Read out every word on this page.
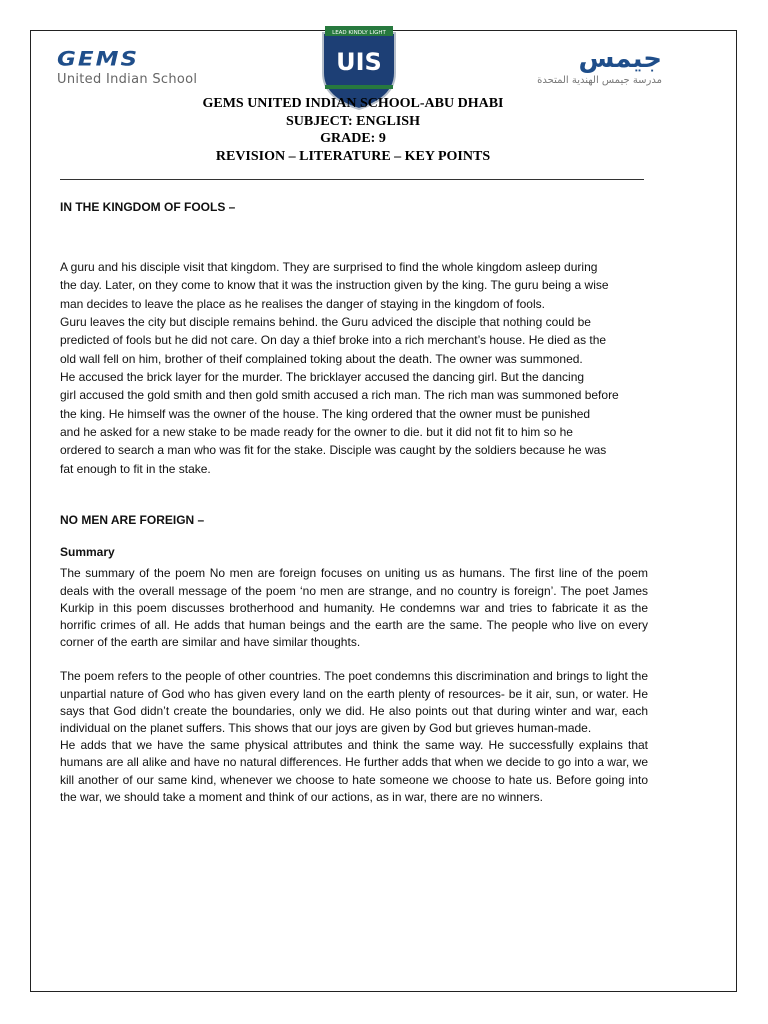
GEMS
United Indian School
LEAD KINDLY LIGHT
UIS	جيمس
مدرسة جيمس الهندية المتحدة

GEMS UNITED INDIAN SCHOOL-ABU DHABI

SUBJECT: ENGLISH

GRADE: 9

REVISION – LITERATURE – KEY POINTS

IN THE KINGDOM OF FOOLS –

A guru and his disciple visit that kingdom. They are surprised to find the whole kingdom asleep during
the day. Later, on they come to know that it was the instruction given by the king. The guru being a wise
man decides to leave the place as he realises the danger of staying in the kingdom of fools.
Guru leaves the city but disciple remains behind. the Guru adviced the disciple that nothing could be
predicted of fools but he did not care. On day a thief broke into a rich merchant’s house. He died as the
old wall fell on him, brother of theif complained toking about the death. The owner was summoned.
He accused the brick layer for the murder. The bricklayer accused the dancing girl. But the dancing
girl accused the gold smith and then gold smith accused a rich man. The rich man was summoned before
the king. He himself was the owner of the house. The king ordered that the owner must be punished
and he asked for a new stake to be made ready for the owner to die. but it did not fit to him so he
ordered to search a man who was fit for the stake. Disciple was caught by the soldiers because he was
fat enough to fit in the stake.

NO MEN ARE FOREIGN –

Summary

The summary of the poem No men are foreign focuses on uniting us as humans. The first line of the poem deals with the overall message of the poem ‘no men are strange, and no country is foreign’. The poet James Kurkip in this poem discusses brotherhood and humanity. He condemns war and tries to fabricate it as the horrific crimes of all. He adds that human beings and the earth are the same. The people who live on every corner of the earth are similar and have similar thoughts.

The poem refers to the people of other countries. The poet condemns this discrimination and brings to light the unpartial nature of God who has given every land on the earth plenty of resources- be it air, sun, or water. He says that God didn’t create the boundaries, only we did. He also points out that during winter and war, each individual on the planet suffers. This shows that our joys are given by God but grieves human-made.

He adds that we have the same physical attributes and think the same way. He successfully explains that humans are all alike and have no natural differences. He further adds that when we decide to go into a war, we kill another of our same kind, whenever we choose to hate someone we choose to hate us. Before going into the war, we should take a moment and think of our actions, as in war, there are no winners.
